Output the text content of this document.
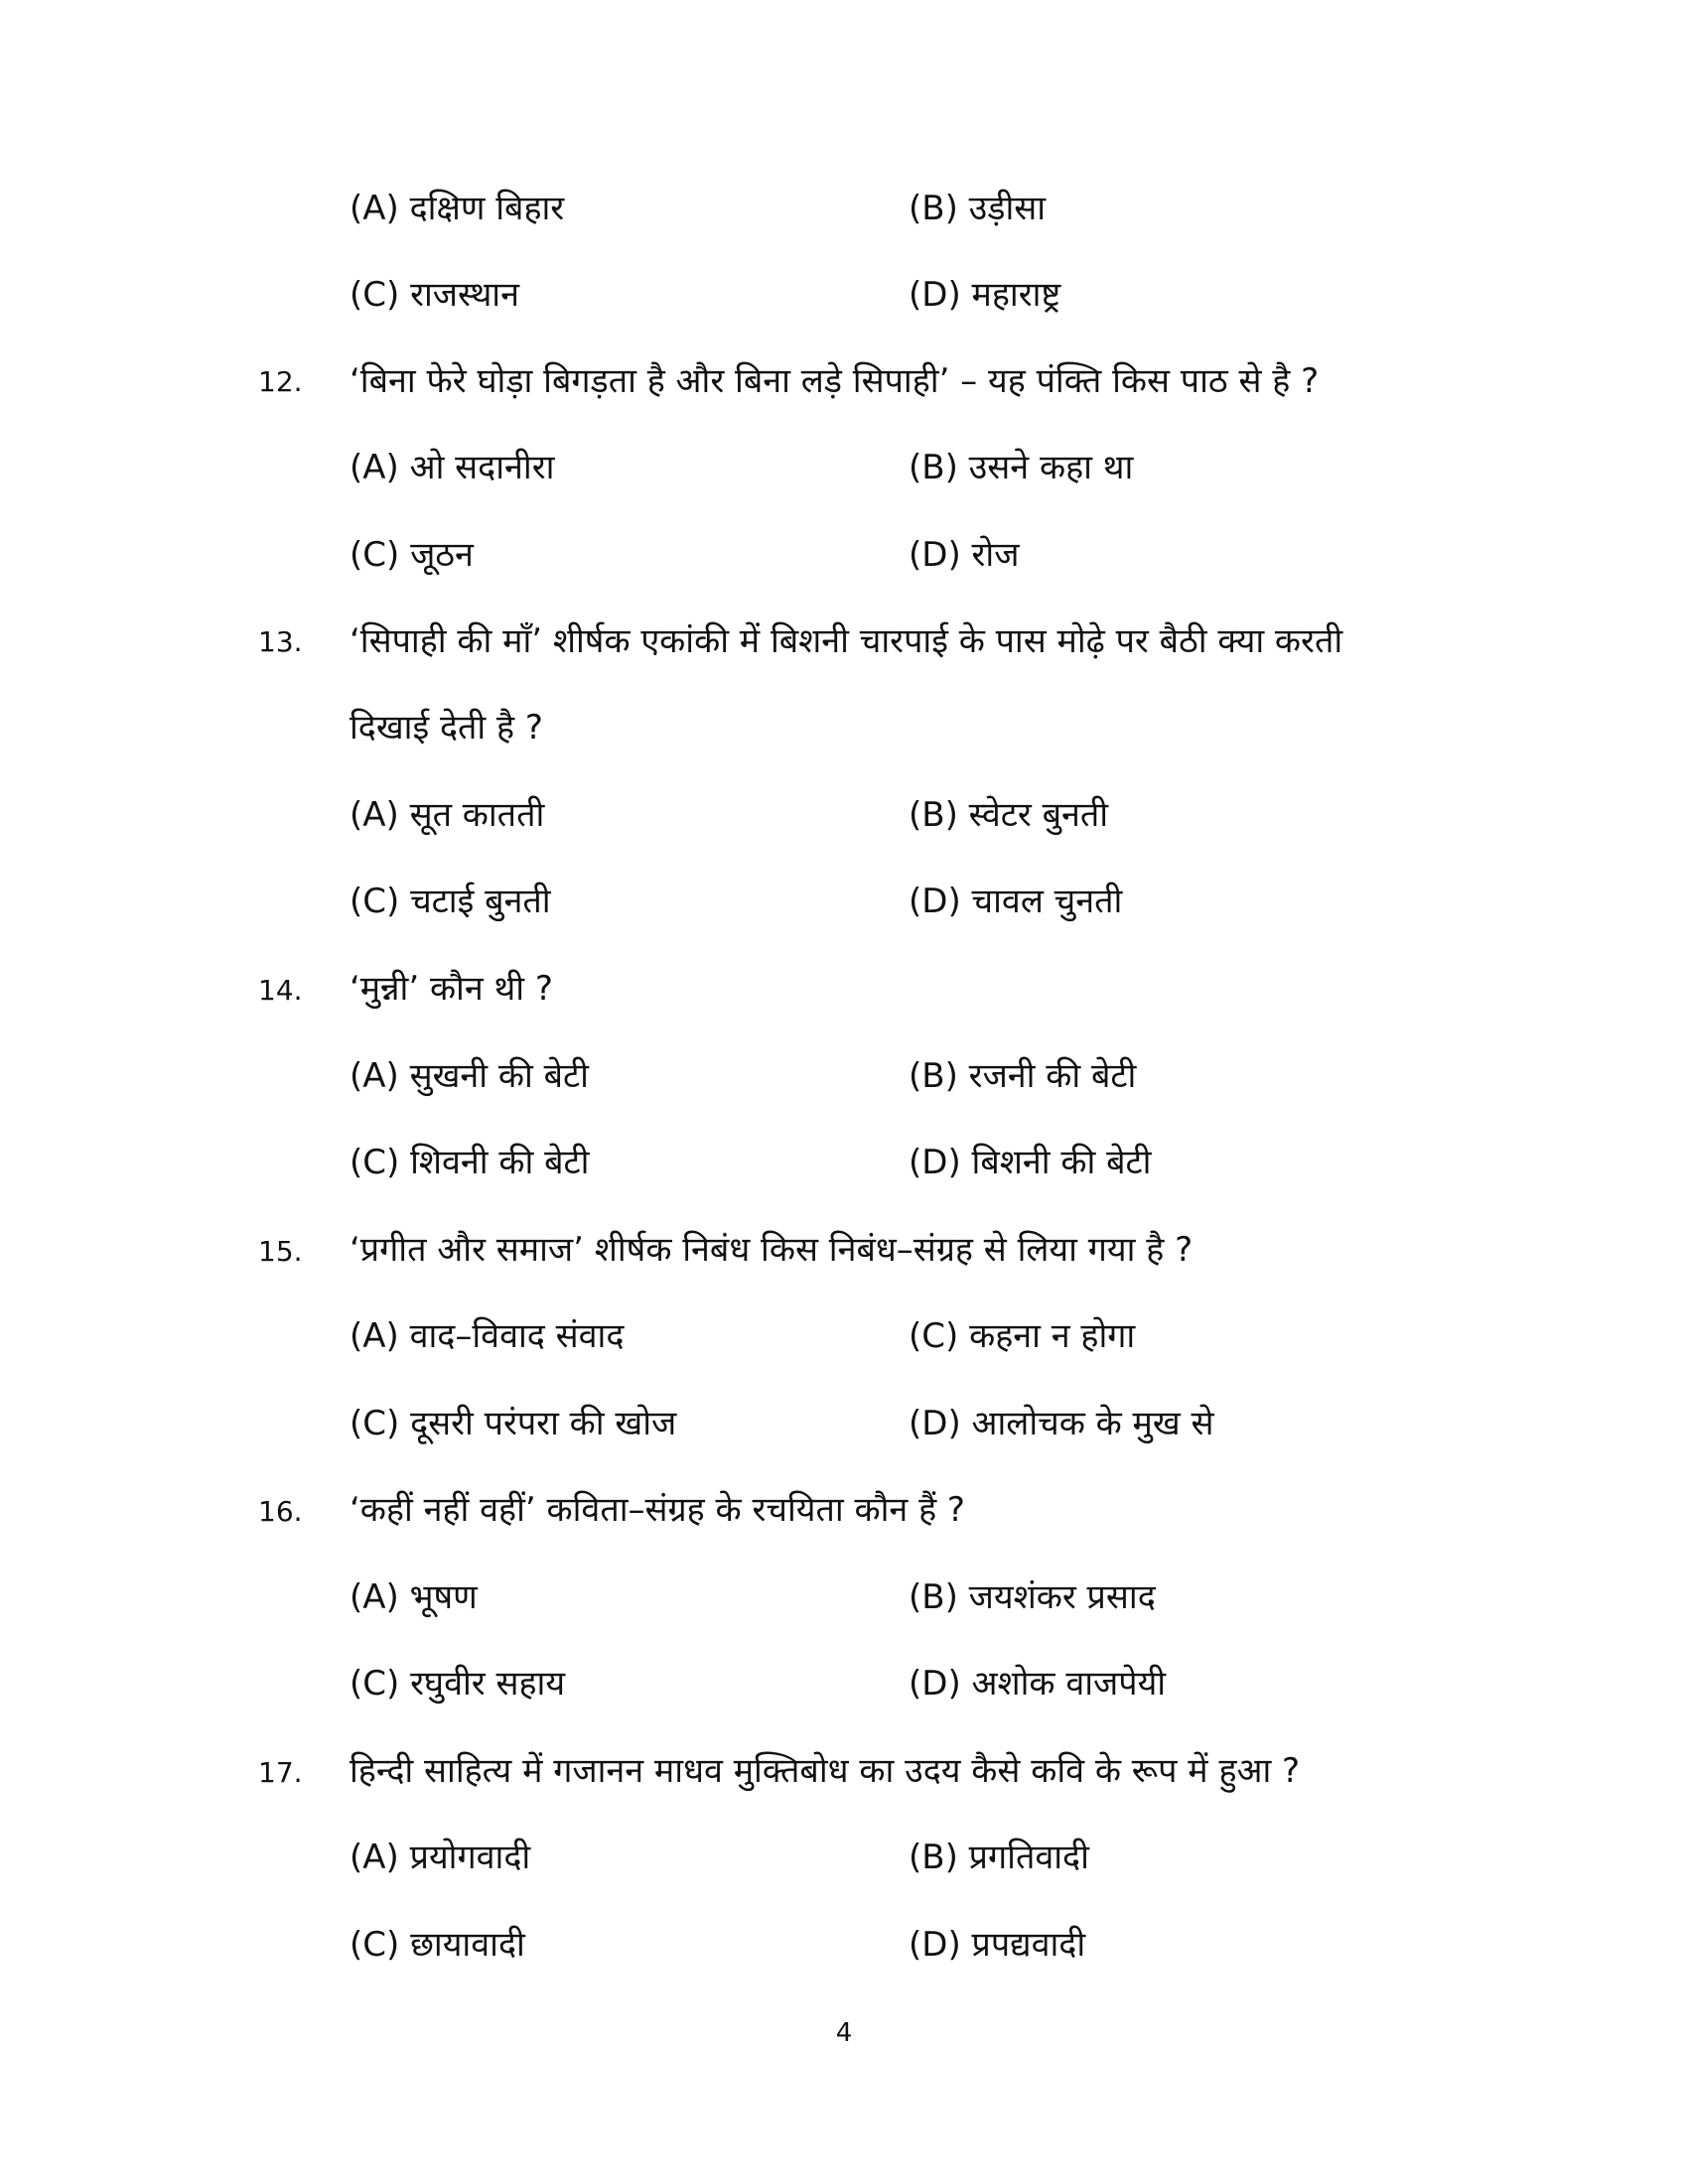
(A) दक्षिण बिहार	(B) उड़ीसा
(C) राजस्थान	(D) महाराष्ट्र
12. ‘बिना फेरे घोड़ा बिगड़ता है और बिना लड़े सिपाही’ – यह पंक्ति किस पाठ से है ?
(A) ओ सदानीरा	(B) उसने कहा था
(C) जूठन	(D) रोज
13. ‘सिपाही की माँ’ शीर्षक एकांकी में बिशनी चारपाई के पास मोढ़े पर बैठी क्या करती
दिखाई देती है ?
(A) सूत कातती	(B) स्वेटर बुनती
(C) चटाई बुनती	(D) चावल चुनती
14. ‘मुन्नी’ कौन थी ?
(A) सुखनी की बेटी	(B) रजनी की बेटी
(C) शिवनी की बेटी	(D) बिशनी की बेटी
15. ‘प्रगीत और समाज’ शीर्षक निबंध किस निबंध–संग्रह से लिया गया है ?
(A) वाद–विवाद संवाद	(C) कहना न होगा
(C) दूसरी परंपरा की खोज	(D) आलोचक के मुख से
16. ‘कहीं नहीं वहीं’ कविता–संग्रह के रचयिता कौन हैं ?
(A) भूषण	(B) जयशंकर प्रसाद
(C) रघुवीर सहाय	(D) अशोक वाजपेयी
17. हिन्दी साहित्य में गजानन माधव मुक्तिबोध का उदय कैसे कवि के रूप में हुआ ?
(A) प्रयोगवादी	(B) प्रगतिवादी
(C) छायावादी	(D) प्रपद्यवादी
4
